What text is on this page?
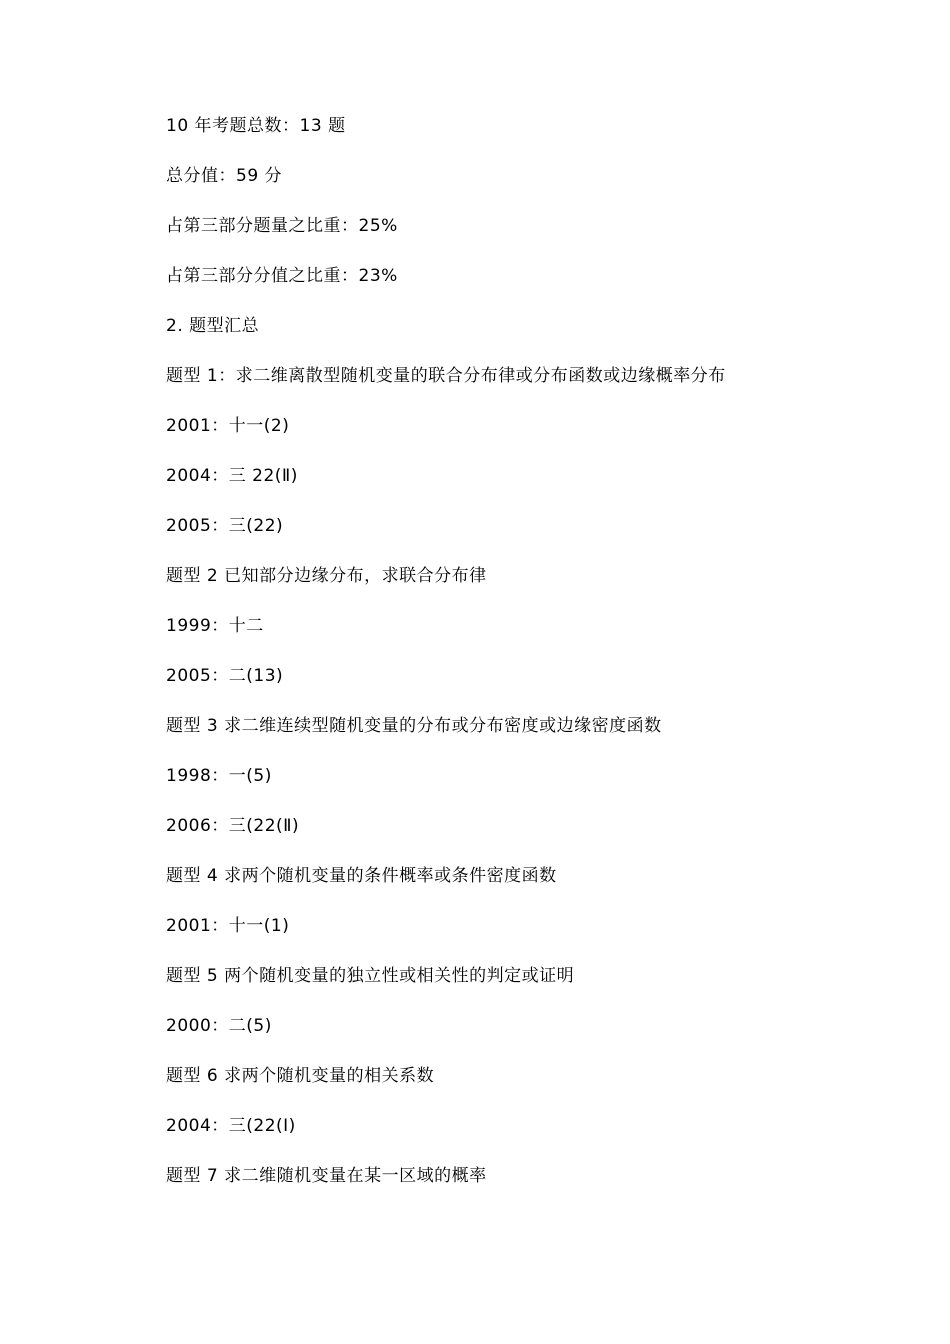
10 年考题总数：13 题
总分值：59 分
占第三部分题量之比重：25%
占第三部分分值之比重：23%
2. 题型汇总
题型 1：求二维离散型随机变量的联合分布律或分布函数或边缘概率分布
2001：十一(2)
2004：三 22(Ⅱ)
2005：三(22)
题型 2 已知部分边缘分布，求联合分布律
1999：十二
2005：二(13)
题型 3 求二维连续型随机变量的分布或分布密度或边缘密度函数
1998：一(5)
2006：三(22(Ⅱ)
题型 4 求两个随机变量的条件概率或条件密度函数
2001：十一(1)
题型 5 两个随机变量的独立性或相关性的判定或证明
2000：二(5)
题型 6 求两个随机变量的相关系数
2004：三(22(Ⅰ)
题型 7 求二维随机变量在某一区域的概率
